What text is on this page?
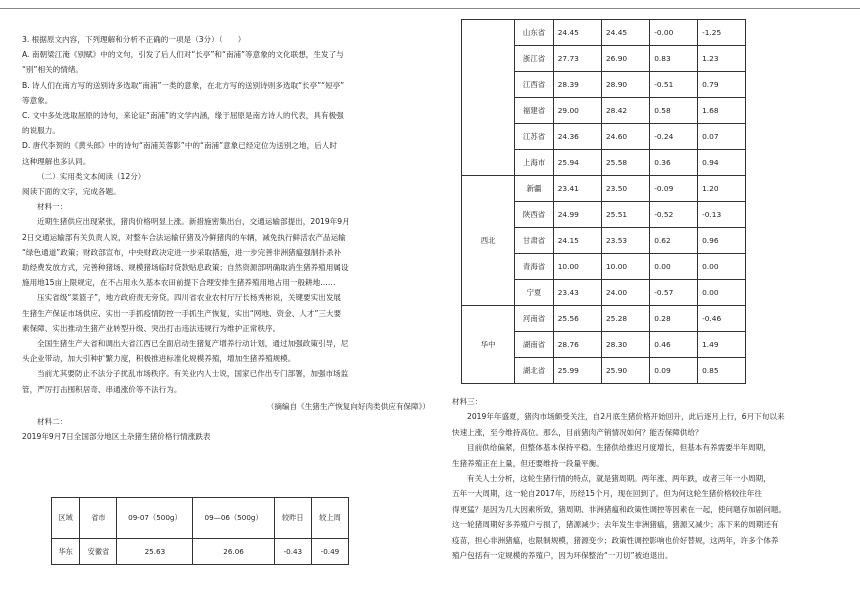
3. 根据原文内容，下列理解和分析不正确的一项是（3分）（　　）

A. 南朝梁江淹《别赋》中的文句，引发了后人们对“长亭”和“南浦”等意象的文化联想，生发了与

“别”相关的情绪。

B. 诗人们在南方写的送别诗多选取“南浦”一类的意象，在北方写的送别诗则多选取“长亭”“短亭”

等意象。

C. 文中多处选取屈原的诗句，来论证“南浦”的文学内涵，缘于屈原是南方诗人的代表，具有极强

的说服力。

D. 唐代李贺的《黄头郎》中的诗句“南浦芙蓉影”中的“南浦”意象已经定位为送别之地，后人时

这种理解也多认同。

（二）实用类文本阅读（12分）

阅读下面的文字，完成各题。

材料一：

近期生猪供应出现紧张，猪肉价格明显上涨。新措施密集出台，交通运输部提出，2019年9月

2日交通运输部有关负责人说，对整车合法运输仔猪及冷鲜猪肉的车辆，减免执行鲜活农产品运输

“绿色通道”政策；财政部宣布，中央财政决定进一步采取措施，进一步完善非洲猪瘟强制扑杀补

助经费发放方式，完善种猪场、规模猪场临时贷款贴息政策；自然资源部明确取消生猪养殖用属设

施用地15亩上限规定，在不占用永久基本农田前提下合理安排生猪养殖用地占用一般耕地……

压实省级“菜篮子”，地方政府责无旁贷。四川省农业农村厅厅长杨秀彬说，关键要实出发展

生猪生产保证市场供应、实出一手抓疫情防控一手抓生产恢复，实出“网地、资金、人才”三大要

素保障、实出推动生猪产业转型升级、突出打击违法违规行为维护正常秩序。

全国生猪生产大省和调出大省江西已全面启动生猪复产增养行动计划，通过加强政策引导，尼

头企业带动，加大引种扩繁力度，积极推进标准化规模养殖，增加生猪养殖规模。

当前尤其要防止不法分子扰乱市场秩序。有关业内人士说，国家已作出专门部署，加强市场监

管，严厉打击囤积居奇、串通涨价等不法行为。

（摘编自《生猪生产恢复向好肉类供应有保障》）

材料二：

2019年9月7日全国部分地区土杂猪生猪价格行情涨跌表

区域	省市	09-07（500g）	09—06（500g）	较昨日	较上周
华东	安徽省	25.63	26.06	-0.43	-0.49
	山东省	24.45	24.45	-0.00	-1.25
	浙江省	27.73	26.90	0.83	1.23
	江西省	28.39	28.90	-0.51	0.79
	福建省	29.00	28.42	0.58	1.68
	江苏省	24.36	24.60	-0.24	0.07
	上海市	25.94	25.58	0.36	0.94
西北	新疆	23.41	23.50	-0.09	1.20
	陕西省	24.99	25.51	-0.52	-0.13
	甘肃省	24.15	23.53	0.62	0.96
	青海省	10.00	10.00	0.00	0.00
	宁夏	23.43	24.00	-0.57	0.00
华中	河南省	25.56	25.28	0.28	-0.46
	湖南省	28.76	28.30	0.46	1.49
	湖北省	25.99	25.90	0.09	0.85

材料三：

2019年年盛夏，猪肉市场颇受关注，自2月底生猪价格开始回升，此后逐月上行，6月下旬以来

快速上涨，至今维持高位。那么，目前猪肉产销情况如何？能否保障供给？

目前供给偏紧，但整体基本保持平稳。生猪供给推迟月度增长，但基本有养需要半年周期，

生猪养殖正在上量，但还要维持一段量平衡。

有关人士分析，这轮生猪行情的特点，就是猪周期。两年涨、两年跌，或者三年一小周期，

五年一大周期，这一轮自2017年，历经15个月，现在回到了。但为何这轮生猪价格较往年往

得更猛？是因为几大因素所致，猪周期、非洲猪瘟和政策性调控等因素在一起，使问题存加剧问题。

这一轮猪周期好多养殖户亏损了，猪源减少；去年发生非洲猪瘟，猪源又减少；冻下来的周期还有

疫苗，担心非洲猪瘟，也限制规模，猪源变少；政策性调控影响也价好替规，这两年，许多个体养

殖户包括有一定规模的养殖户，因为环保整治“一刀切”被迫退出。
